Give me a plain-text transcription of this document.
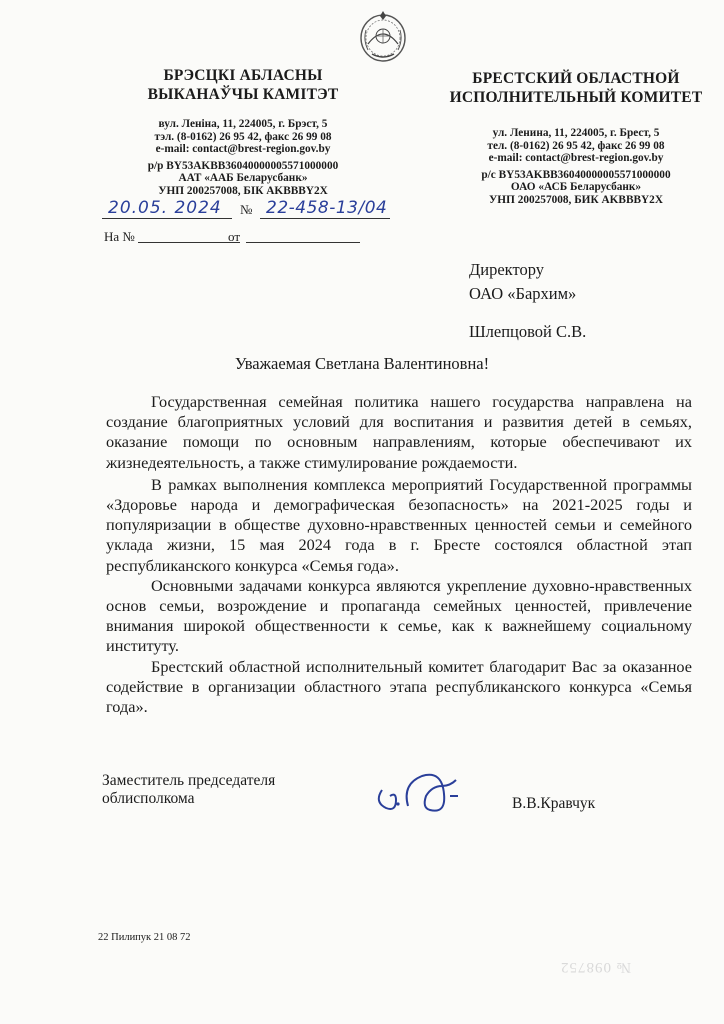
БРЭСЦКІ АБЛАСНЫ
ВЫКАНАЎЧЫ КАМІТЭТ
вул. Леніна, 11, 224005, г. Брэст, 5
тэл. (8-0162) 26 95 42, факс 26 99 08
e-mail: contact@brest-region.gov.by
р/р BY53AKBB36040000005571000000
ААТ «ААБ Беларусбанк»
УНП 200257008, БІК АKBBBY2X
БРЕСТСКИЙ ОБЛАСТНОЙ
ИСПОЛНИТЕЛЬНЫЙ КОМИТЕТ
ул. Ленина, 11, 224005, г. Брест, 5
тел. (8-0162) 26 95 42, факс 26 99 08
e-mail: contact@brest-region.gov.by
р/с BY53AKBB36040000005571000000
ОАО «АСБ Беларусбанк»
УНП 200257008, БИК АKBBBY2X
20.05. 2024 № 22-458-13/04
На №	от
Директору
ОАО «Бархим»
Шлепцовой С.В.
Уважаемая Светлана Валентиновна!

Государственная семейная политика нашего государства направлена на создание благоприятных условий для воспитания и развития детей в семьях, оказание помощи по основным направлениям, которые обеспечивают их жизнедеятельность, а также стимулирование рождаемости.

В рамках выполнения комплекса мероприятий Государственной программы «Здоровье народа и демографическая безопасность» на 2021-2025 годы и популяризации в обществе духовно-нравственных ценностей семьи и семейного уклада жизни, 15 мая 2024 года в г. Бресте состоялся областной этап республиканского конкурса «Семья года».

Основными задачами конкурса являются укрепление духовно-нравственных основ семьи, возрождение и пропаганда семейных ценностей, привлечение внимания широкой общественности к семье, как к важнейшему социальному институту.

Брестский областной исполнительный комитет благодарит Вас за оказанное содействие в организации областного этапа республиканского конкурса «Семья года».

Заместитель председателя
облисполкома	В.В.Кравчук
22 Пилипук 21 08 72
№ 098752
